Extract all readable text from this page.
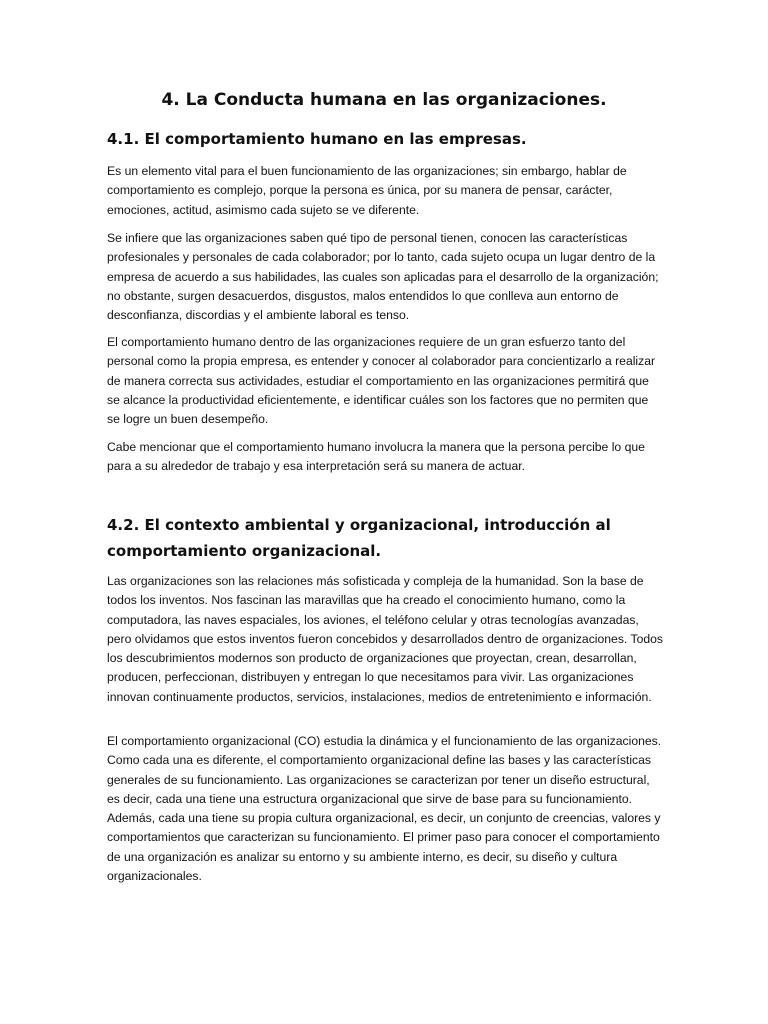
4. La Conducta humana en las organizaciones.
4.1. El comportamiento humano en las empresas.

Es un elemento vital para el buen funcionamiento de las organizaciones; sin embargo, hablar de comportamiento es complejo, porque la persona es única, por su manera de pensar, carácter, emociones, actitud, asimismo cada sujeto se ve diferente.

Se infiere que las organizaciones saben qué tipo de personal tienen, conocen las características profesionales y personales de cada colaborador; por lo tanto, cada sujeto ocupa un lugar dentro de la empresa de acuerdo a sus habilidades, las cuales son aplicadas para el desarrollo de la organización; no obstante, surgen desacuerdos, disgustos, malos entendidos lo que conlleva aun entorno de desconfianza, discordias y el ambiente laboral es tenso.

El comportamiento humano dentro de las organizaciones requiere de un gran esfuerzo tanto del personal como la propia empresa, es entender y conocer al colaborador para concientizarlo a realizar de manera correcta sus actividades, estudiar el comportamiento en las organizaciones permitirá que se alcance la productividad eficientemente, e identificar cuáles son los factores que no permiten que se logre un buen desempeño.

Cabe mencionar que el comportamiento humano involucra la manera que la persona percibe lo que para a su alrededor de trabajo y esa interpretación será su manera de actuar.

4.2. El contexto ambiental y organizacional, introducción al comportamiento organizacional.

Las organizaciones son las relaciones más sofisticada y compleja de la humanidad. Son la base de todos los inventos. Nos fascinan las maravillas que ha creado el conocimiento humano, como la computadora, las naves espaciales, los aviones, el teléfono celular y otras tecnologías avanzadas, pero olvidamos que estos inventos fueron concebidos y desarrollados dentro de organizaciones. Todos los descubrimientos modernos son producto de organizaciones que proyectan, crean, desarrollan, producen, perfeccionan, distribuyen y entregan lo que necesitamos para vivir. Las organizaciones innovan continuamente productos, servicios, instalaciones, medios de entretenimiento e información.

El comportamiento organizacional (CO) estudia la dinámica y el funcionamiento de las organizaciones. Como cada una es diferente, el comportamiento organizacional define las bases y las características generales de su funcionamiento. Las organizaciones se caracterizan por tener un diseño estructural, es decir, cada una tiene una estructura organizacional que sirve de base para su funcionamiento. Además, cada una tiene su propia cultura organizacional, es decir, un conjunto de creencias, valores y comportamientos que caracterizan su funcionamiento. El primer paso para conocer el comportamiento de una organización es analizar su entorno y su ambiente interno, es decir, su diseño y cultura organizacionales.
